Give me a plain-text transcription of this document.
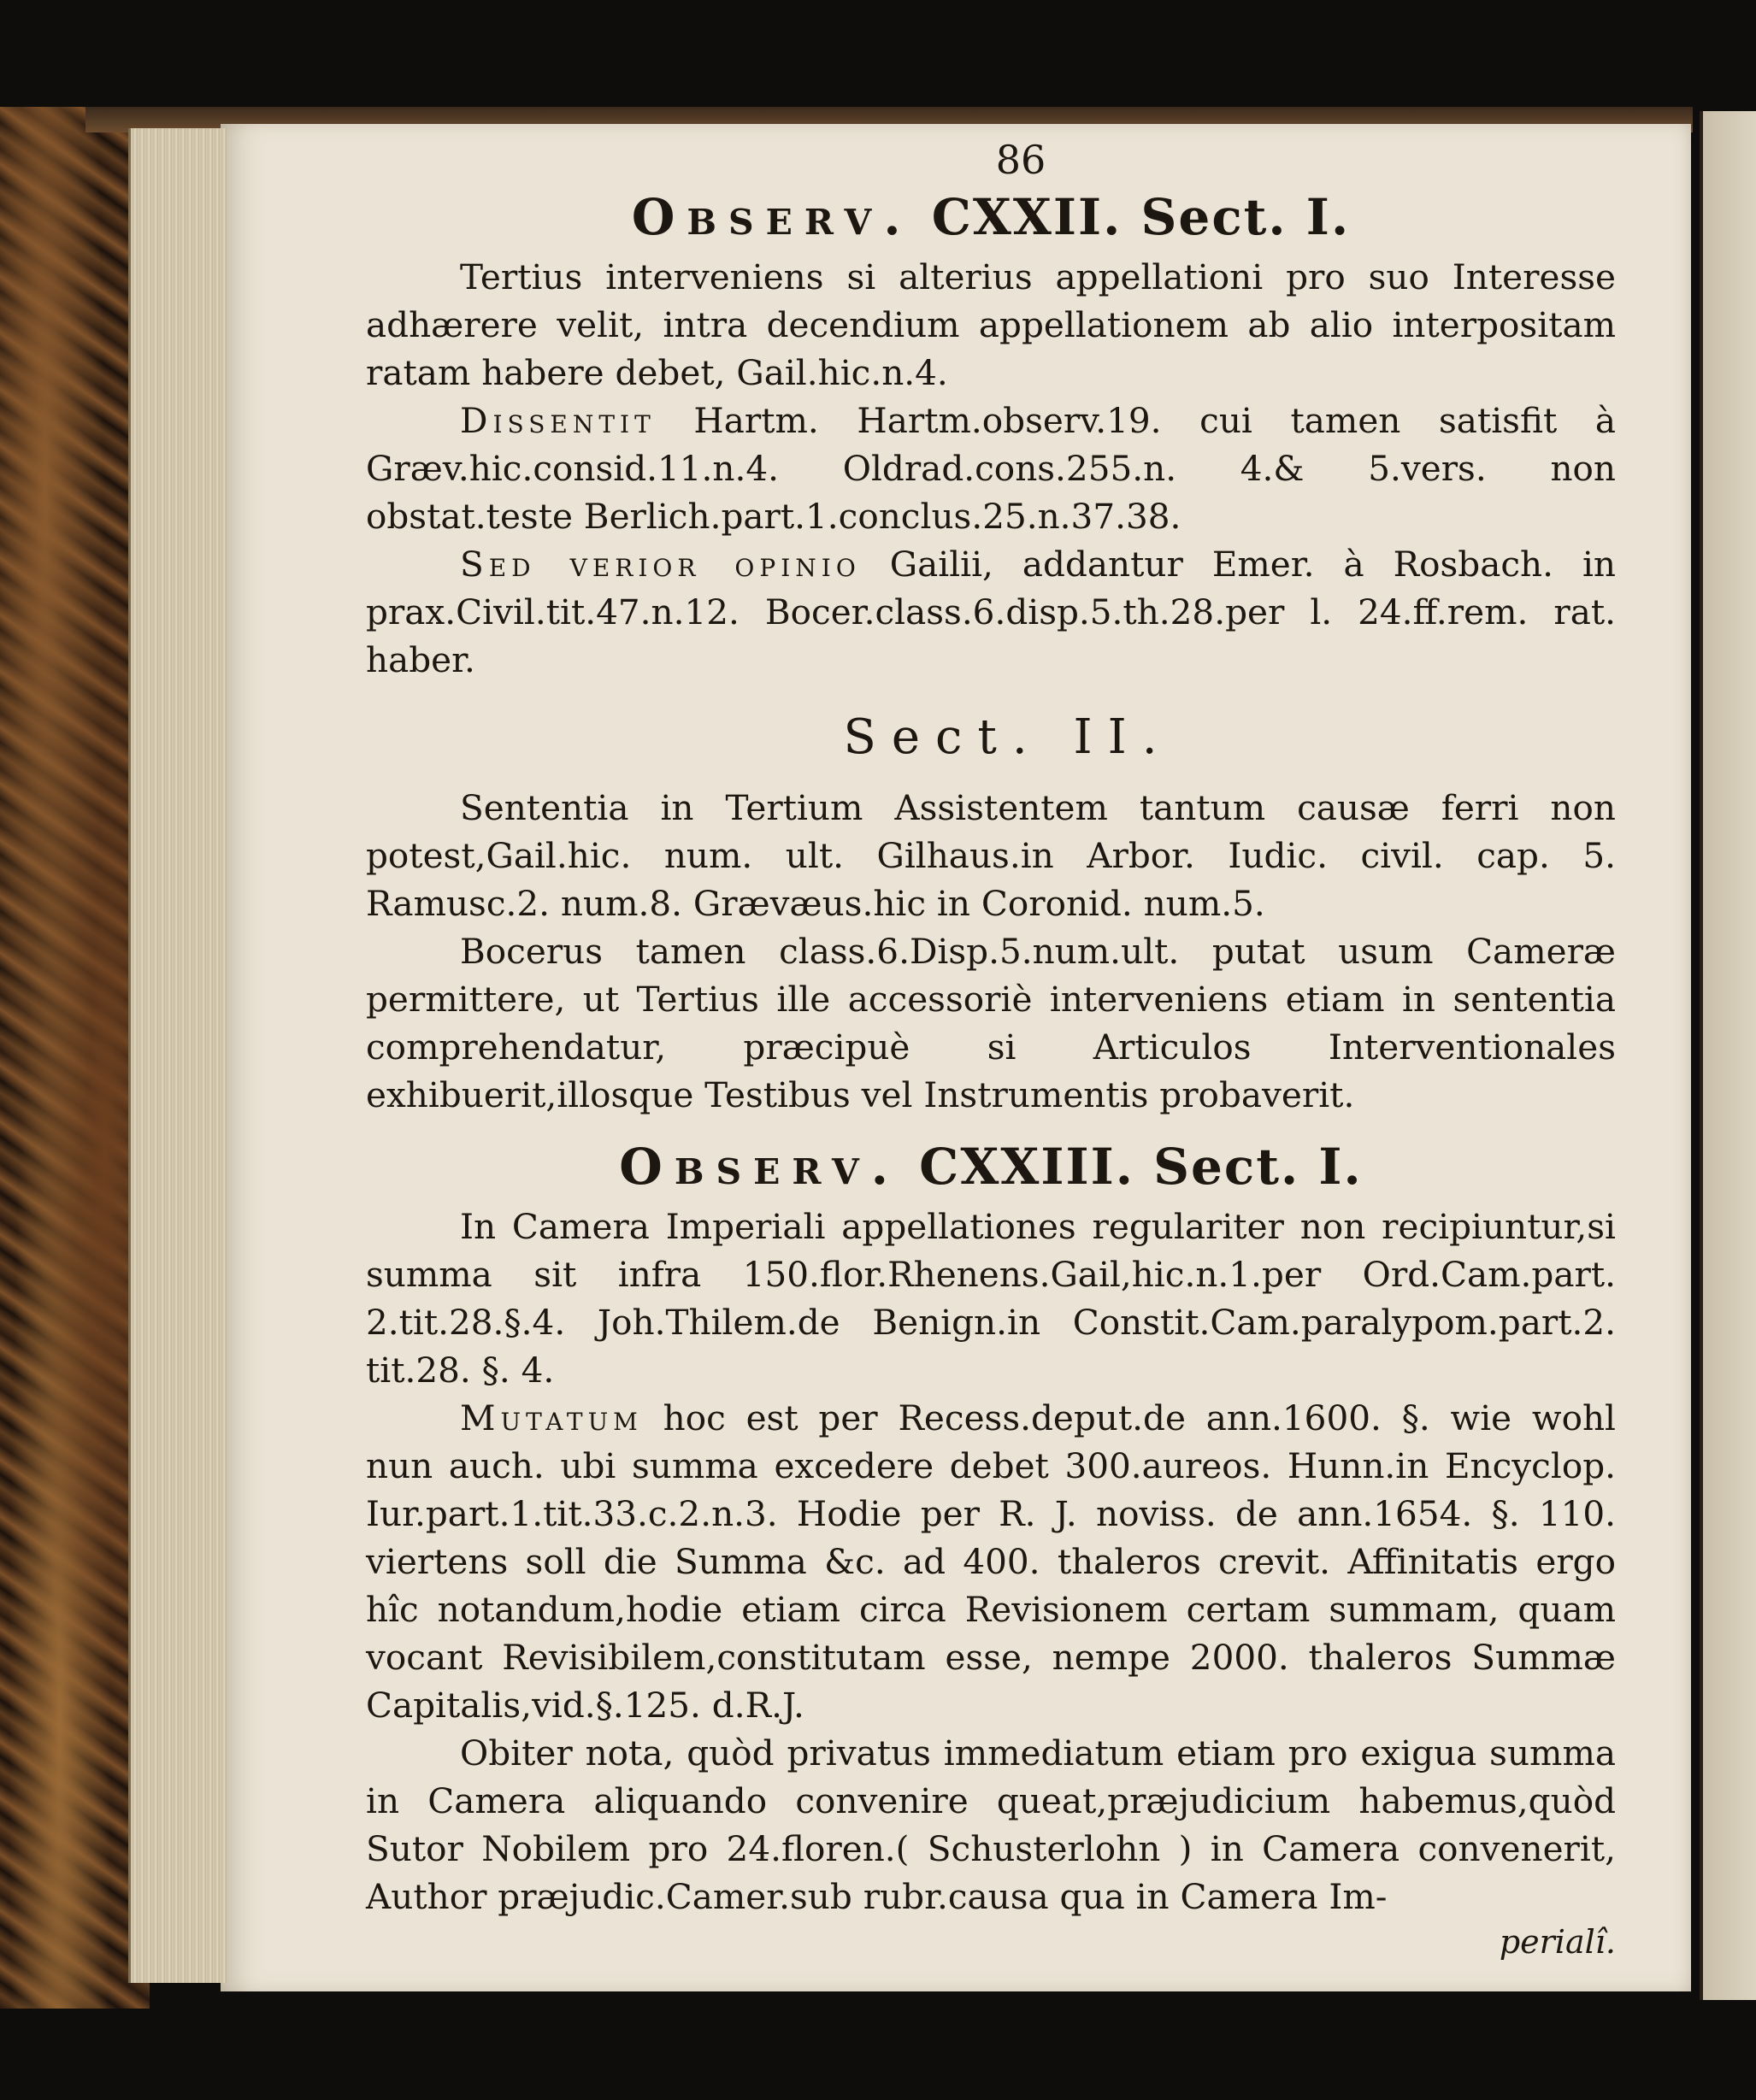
86
Observ. CXXII. Sect. I.

Tertius interveniens si alterius appellationi pro suo Interesse adhærere velit, intra decendium appellationem ab alio interpositam ratam habere debet, Gail.hic.n.4.

Dissentit Hartm. Hartm.observ.19. cui tamen satisfit à Græv.hic.consid.11.n.4. Oldrad.cons.255.n. 4.& 5.vers. non obstat.teste Berlich.part.1.conclus.25.n.37.38.

Sed verior opinio Gailii, addantur Emer. à Rosbach. in prax.Civil.tit.47.n.12. Bocer.class.6.disp.5.th.28.per l. 24.ff.rem. rat. haber.

Sect. II.

Sententia in Tertium Assistentem tantum causæ ferri non potest,Gail.hic. num. ult. Gilhaus.in Arbor. Iudic. civil. cap. 5. Ramusc.2. num.8. Grævæus.hic in Coronid. num.5.

Bocerus tamen class.6.Disp.5.num.ult. putat usum Cameræ permittere, ut Tertius ille accessoriè interveniens etiam in sententia comprehendatur, præcipuè si Articulos Interventionales exhibuerit,illosque Testibus vel Instrumentis probaverit.

Observ. CXXIII. Sect. I.

In Camera Imperiali appellationes regulariter non recipiuntur,si summa sit infra 150.flor.Rhenens.Gail,hic.n.1.per Ord.Cam.part. 2.tit.28.§.4. Joh.Thilem.de Benign.in Constit.Cam.paralypom.part.2. tit.28. §. 4.

Mutatum hoc est per Recess.deput.de ann.1600. §. wie wohl nun auch. ubi summa excedere debet 300.aureos. Hunn.in Encyclop. Iur.part.1.tit.33.c.2.n.3. Hodie per R. J. noviss. de ann.1654. §. 110. viertens soll die Summa &c. ad 400. thaleros crevit. Affinitatis ergo hîc notandum,hodie etiam circa Revisionem certam summam, quam vocant Revisibilem,constitutam esse, nempe 2000. thaleros Summæ Capitalis,vid.§.125. d.R.J.

Obiter nota, quòd privatus immediatum etiam pro exigua summa in Camera aliquando convenire queat,præjudicium habemus,quòd Sutor Nobilem pro 24.floren.( Schusterlohn ) in Camera convenerit, Author præjudic.Camer.sub rubr.causa qua in Camera Im-

perialî.
